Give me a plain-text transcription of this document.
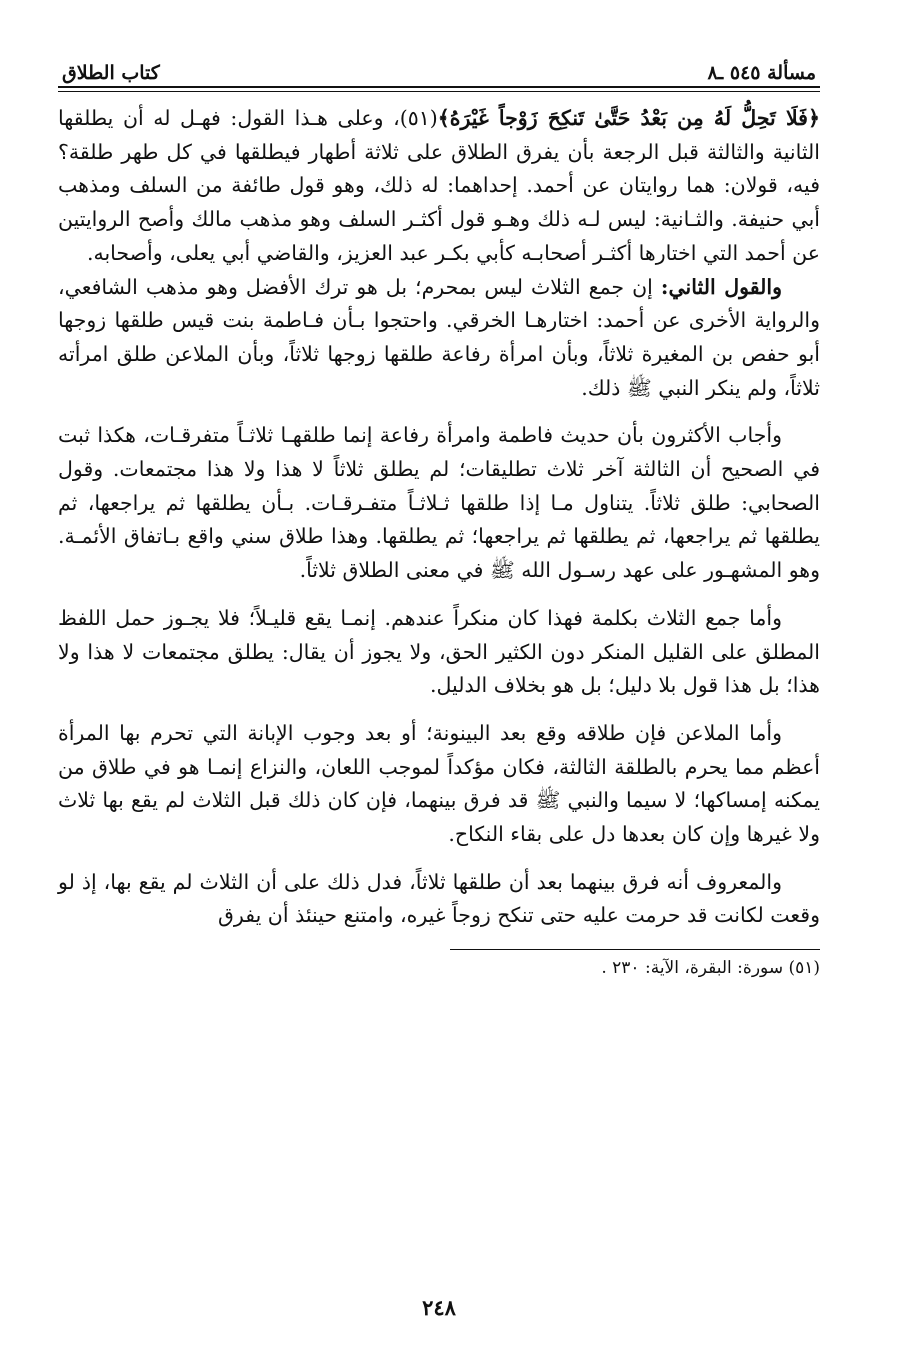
مسألة ٥٤٥ ـ٨
كتاب الطلاق

﴿فَلَا تَحِلُّ لَهُ مِن بَعْدُ حَتَّىٰ تَنكِحَ زَوْجاً غَيْرَهُ﴾(٥١)، وعلى هـذا القول: فهـل له أن يطلقها الثانية والثالثة قبل الرجعة بأن يفرق الطلاق على ثلاثة أطهار فيطلقها في كل طهر طلقة؟ فيه، قولان: هما روايتان عن أحمد. إحداهما: له ذلك، وهو قول طائفة من السلف ومذهب أبي حنيفة. والثـانية: ليس لـه ذلك وهـو قول أكثـر السلف وهو مذهب مالك وأصح الروايتين عن أحمد التي اختارها أكثـر أصحابـه كأبي بكـر عبد العزيز، والقاضي أبي يعلى، وأصحابه.

والقول الثاني: إن جمع الثلاث ليس بمحرم؛ بل هو ترك الأفضل وهو مذهب الشافعي، والرواية الأخرى عن أحمد: اختارهـا الخرقي. واحتجوا بـأن فـاطمة بنت قيس طلقها زوجها أبو حفص بن المغيرة ثلاثاً، وبأن امرأة رفاعة طلقها زوجها ثلاثاً، وبأن الملاعن طلق امرأته ثلاثاً، ولم ينكر النبي ﷺ ذلك.

وأجاب الأكثرون بأن حديث فاطمة وامرأة رفاعة إنما طلقهـا ثلاثـاً متفرقـات، هكذا ثبت في الصحيح أن الثالثة آخر ثلاث تطليقات؛ لم يطلق ثلاثاً لا هذا ولا هذا مجتمعات. وقول الصحابي: طلق ثلاثاً. يتناول مـا إذا طلقها ثـلاثـاً متفـرقـات. بـأن يطلقها ثم يراجعها، ثم يطلقها ثم يراجعها، ثم يطلقها ثم يراجعها؛ ثم يطلقها. وهذا طلاق سني واقع بـاتفاق الأئمـة. وهو المشهـور على عهد رسـول الله ﷺ في معنى الطلاق ثلاثاً.

وأما جمع الثلاث بكلمة فهذا كان منكراً عندهم. إنمـا يقع قليـلاً؛ فلا يجـوز حمل اللفظ المطلق على القليل المنكر دون الكثير الحق، ولا يجوز أن يقال: يطلق مجتمعات لا هذا ولا هذا؛ بل هذا قول بلا دليل؛ بل هو بخلاف الدليل.

وأما الملاعن فإن طلاقه وقع بعد البينونة؛ أو بعد وجوب الإبانة التي تحرم بها المرأة أعظم مما يحرم بالطلقة الثالثة، فكان مؤكداً لموجب اللعان، والنزاع إنمـا هو في طلاق من يمكنه إمساكها؛ لا سيما والنبي ﷺ قد فرق بينهما، فإن كان ذلك قبل الثلاث لم يقع بها ثلاث ولا غيرها وإن كان بعدها دل على بقاء النكاح.

والمعروف أنه فرق بينهما بعد أن طلقها ثلاثاً، فدل ذلك على أن الثلاث لم يقع بها، إذ لو وقعت لكانت قد حرمت عليه حتى تنكح زوجاً غيره، وامتنع حينئذ أن يفرق

(٥١) سورة: البقرة، الآية: ٢٣٠ .
٢٤٨
